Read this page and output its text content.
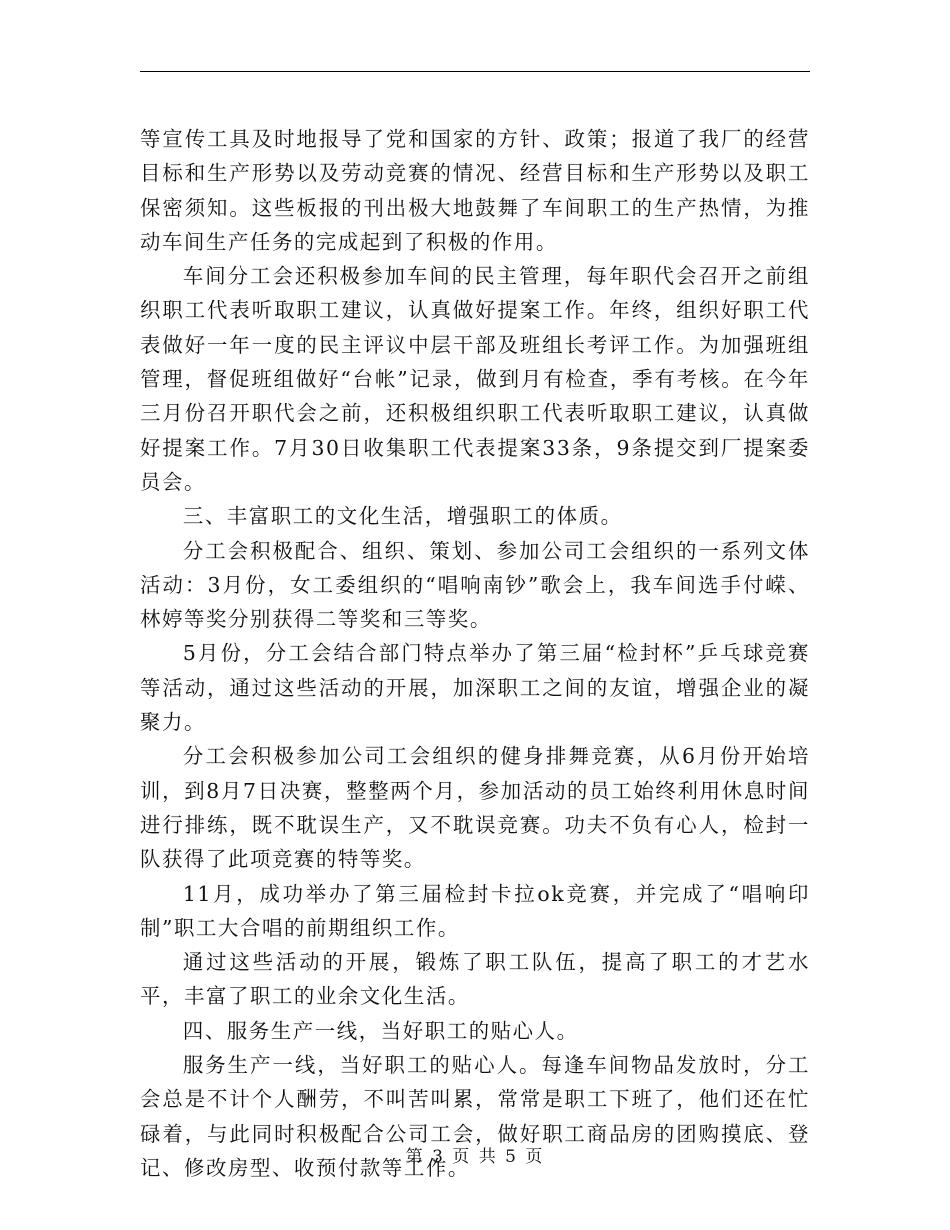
等宣传工具及时地报导了党和国家的方针、政策；报道了我厂的经营目标和生产形势以及劳动竞赛的情况、经营目标和生产形势以及职工保密须知。这些板报的刊出极大地鼓舞了车间职工的生产热情，为推动车间生产任务的完成起到了积极的作用。

车间分工会还积极参加车间的民主管理，每年职代会召开之前组织职工代表听取职工建议，认真做好提案工作。年终，组织好职工代表做好一年一度的民主评议中层干部及班组长考评工作。为加强班组管理，督促班组做好“台帐”记录，做到月有检查，季有考核。在今年三月份召开职代会之前，还积极组织职工代表听取职工建议，认真做好提案工作。7月30日收集职工代表提案33条，9条提交到厂提案委员会。

三、丰富职工的文化生活，增强职工的体质。

分工会积极配合、组织、策划、参加公司工会组织的一系列文体活动：3月份，女工委组织的“唱响南钞”歌会上，我车间选手付嵘、林婷等奖分别获得二等奖和三等奖。

5月份，分工会结合部门特点举办了第三届“检封杯”乒乓球竞赛等活动，通过这些活动的开展，加深职工之间的友谊，增强企业的凝聚力。

分工会积极参加公司工会组织的健身排舞竞赛，从6月份开始培训，到8月7日决赛，整整两个月，参加活动的员工始终利用休息时间进行排练，既不耽误生产，又不耽误竞赛。功夫不负有心人，检封一队获得了此项竞赛的特等奖。

11月，成功举办了第三届检封卡拉ok竞赛，并完成了“唱响印制”职工大合唱的前期组织工作。

通过这些活动的开展，锻炼了职工队伍，提高了职工的才艺水平，丰富了职工的业余文化生活。

四、服务生产一线，当好职工的贴心人。

服务生产一线，当好职工的贴心人。每逢车间物品发放时，分工会总是不计个人酬劳，不叫苦叫累，常常是职工下班了，他们还在忙碌着，与此同时积极配合公司工会，做好职工商品房的团购摸底、登记、修改房型、收预付款等工作。

第 3 页 共 5 页
